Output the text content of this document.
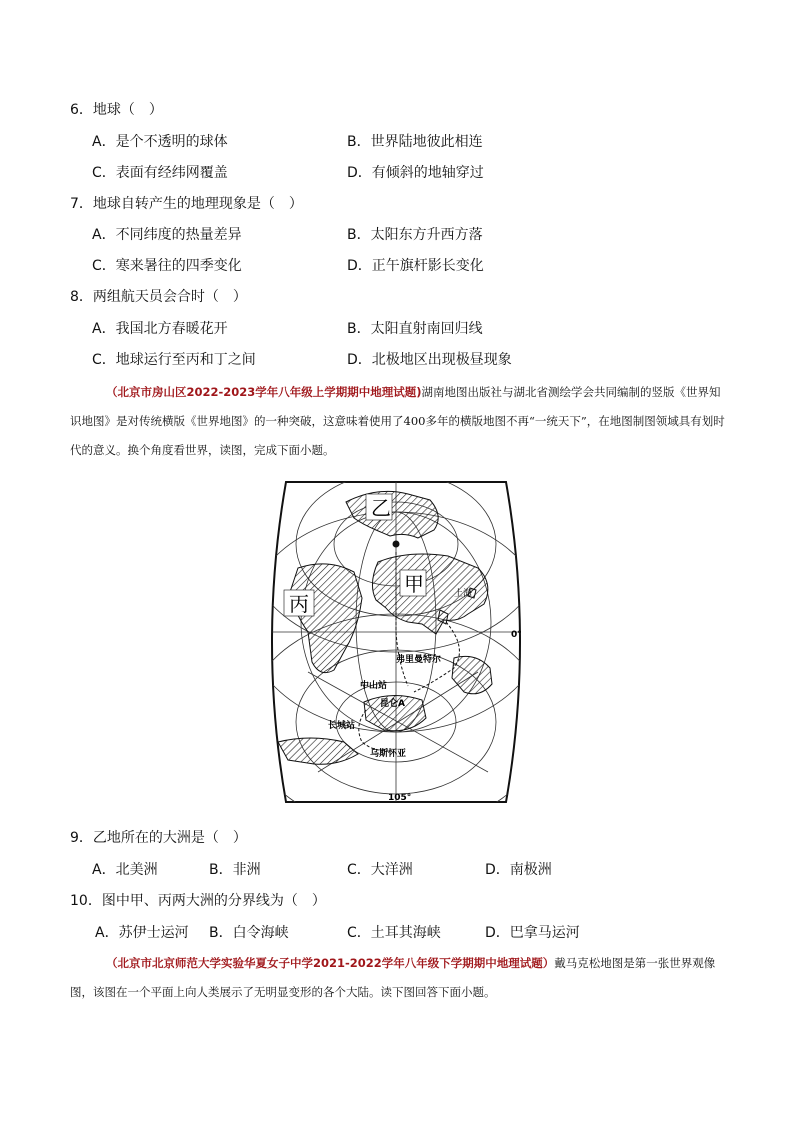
6．地球（　）
A．是个不透明的球体	B．世界陆地彼此相连
C．表面有经纬网覆盖	D．有倾斜的地轴穿过
7．地球自转产生的地理现象是（　）
A．不同纬度的热量差异	B．太阳东方升西方落
C．寒来暑往的四季变化	D．正午旗杆影长变化
8．两组航天员会合时（　）
A．我国北方春暖花开	B．太阳直射南回归线
C．地球运行至丙和丁之间	D．北极地区出现极昼现象
（北京市房山区2022-2023学年八年级上学期期中地理试题)湖南地图出版社与湖北省测绘学会共同编制的竖版《世界知识地图》是对传统横版《世界地图》的一种突破，这意味着使用了400多年的横版地图不再“一统天下”，在地图制图领域具有划时代的意义。换个角度看世界，读图，完成下面小题。
乙
甲
丙	上海
0°
弗里曼特尔
中山站
昆仑A
长城站
乌斯怀亚
105°
9．乙地所在的大洲是（　）
A．北美洲	B．非洲	C．大洋洲	D．南极洲
10．图中甲、丙两大洲的分界线为（　）
A．苏伊士运河 B．白令海峡	C．土耳其海峡	D．巴拿马运河
（北京市北京师范大学实验华夏女子中学2021-2022学年八年级下学期期中地理试题）戴马克松地图是第一张世界观像图，该图在一个平面上向人类展示了无明显变形的各个大陆。读下图回答下面小题。
